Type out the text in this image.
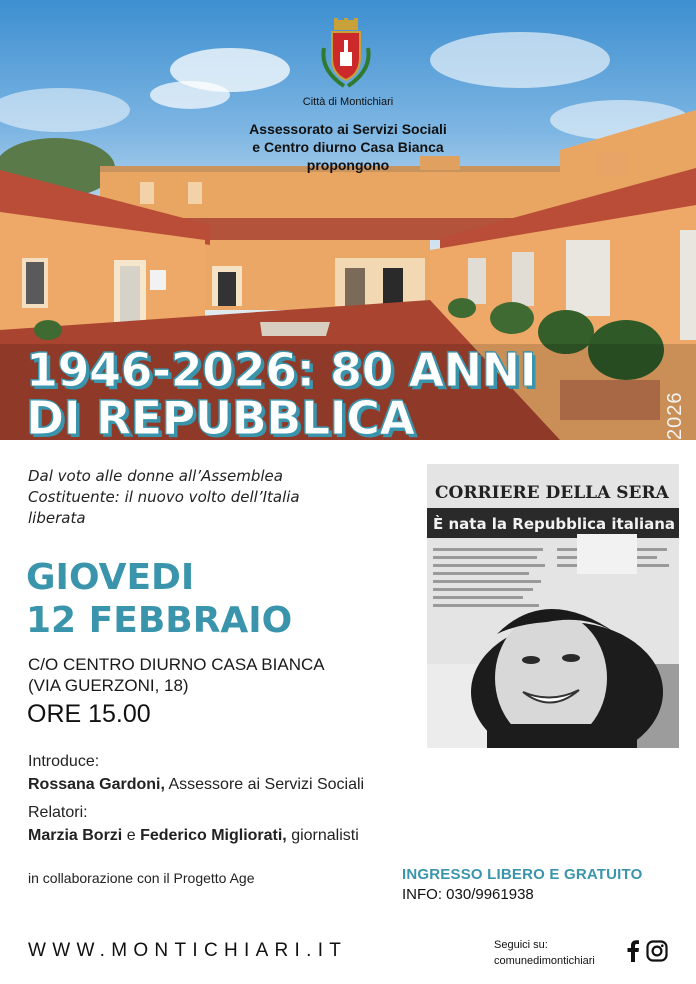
Città di Montichiari
Assessorato ai Servizi Sociali
e Centro diurno Casa Bianca
propongono
1946-2026: 80 ANNI
DI REPUBBLICA	2026
Dal voto alle donne all’Assemblea
Costituente: il nuovo volto dell’Italia
liberata
GIOVEDI
12 FEBBRAIO
C/O CENTRO DIURNO CASA BIANCA
(VIA GUERZONI, 18)
ORE 15.00
CORRIERE DELLA SERA
È nata la Repubblica italiana
Introduce:
Rossana Gardoni, Assessore ai Servizi Sociali
Relatori:
Marzia Borzi e Federico Migliorati, giornalisti
in collaborazione con il Progetto Age	INGRESSO LIBERO E GRATUITO
INFO: 030/9961938
WWW.MONTICHIARI.IT	Seguici su:
comunedimontichiari
